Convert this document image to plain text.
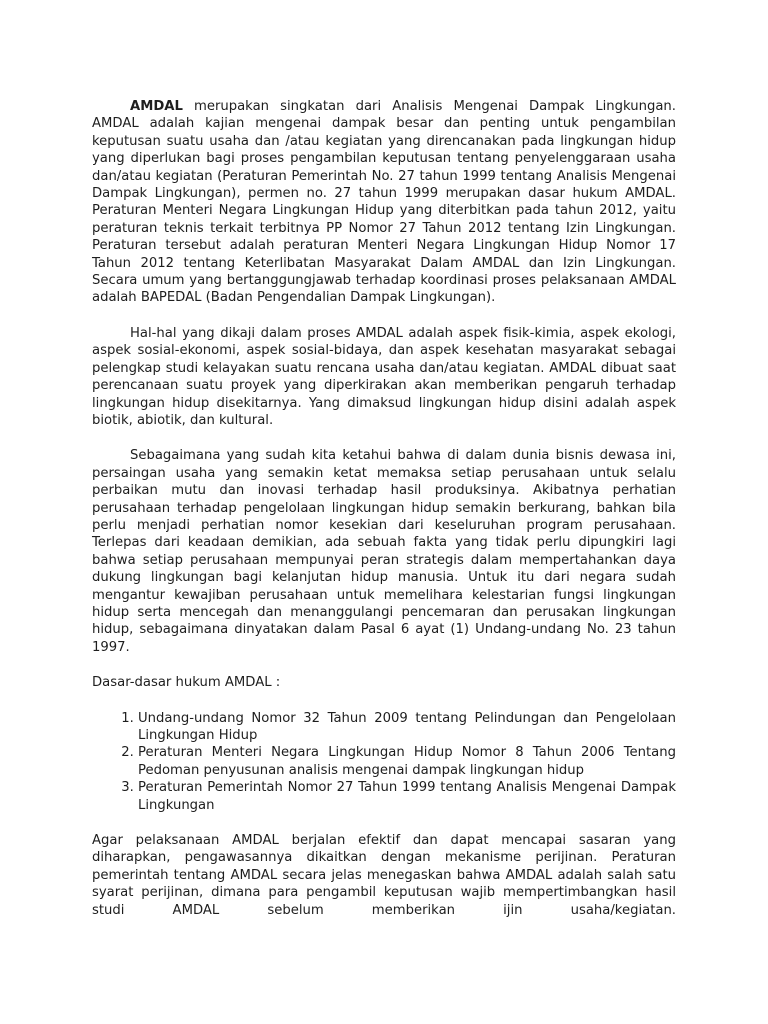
AMDAL merupakan singkatan dari Analisis Mengenai Dampak Lingkungan. AMDAL adalah kajian mengenai dampak besar dan penting untuk pengambilan keputusan suatu usaha dan /atau kegiatan yang direncanakan pada lingkungan hidup yang diperlukan bagi proses pengambilan keputusan tentang penyelenggaraan usaha dan/atau kegiatan (Peraturan Pemerintah No. 27 tahun 1999 tentang Analisis Mengenai Dampak Lingkungan), permen no. 27 tahun 1999 merupakan dasar hukum AMDAL. Peraturan Menteri Negara Lingkungan Hidup yang diterbitkan pada tahun 2012, yaitu peraturan teknis terkait terbitnya PP Nomor 27 Tahun 2012 tentang Izin Lingkungan. Peraturan tersebut adalah peraturan Menteri Negara Lingkungan Hidup Nomor 17 Tahun 2012 tentang Keterlibatan Masyarakat Dalam AMDAL dan Izin Lingkungan. Secara umum yang bertanggungjawab terhadap koordinasi proses pelaksanaan AMDAL adalah BAPEDAL (Badan Pengendalian Dampak Lingkungan).

Hal-hal yang dikaji dalam proses AMDAL adalah aspek fisik-kimia, aspek ekologi, aspek sosial-ekonomi, aspek sosial-bidaya, dan aspek kesehatan masyarakat sebagai pelengkap studi kelayakan suatu rencana usaha dan/atau kegiatan. AMDAL dibuat saat perencanaan suatu proyek yang diperkirakan akan memberikan pengaruh terhadap lingkungan hidup disekitarnya. Yang dimaksud lingkungan hidup disini adalah aspek biotik, abiotik, dan kultural.

Sebagaimana yang sudah kita ketahui bahwa di dalam dunia bisnis dewasa ini, persaingan usaha yang semakin ketat memaksa setiap perusahaan untuk selalu perbaikan mutu dan inovasi terhadap hasil produksinya. Akibatnya perhatian perusahaan terhadap pengelolaan lingkungan hidup semakin berkurang, bahkan bila perlu menjadi perhatian nomor kesekian dari keseluruhan program perusahaan. Terlepas dari keadaan demikian, ada sebuah fakta yang tidak perlu dipungkiri lagi bahwa setiap perusahaan mempunyai peran strategis dalam mempertahankan daya dukung lingkungan bagi kelanjutan hidup manusia. Untuk itu dari negara sudah mengantur kewajiban perusahaan untuk memelihara kelestarian fungsi lingkungan hidup serta mencegah dan menanggulangi pencemaran dan perusakan lingkungan hidup, sebagaimana dinyatakan dalam Pasal 6 ayat (1) Undang-undang No. 23 tahun 1997.

Dasar-dasar hukum AMDAL :

1. Undang-undang Nomor 32 Tahun 2009 tentang Pelindungan dan Pengelolaan Lingkungan Hidup
2. Peraturan Menteri Negara Lingkungan Hidup Nomor 8 Tahun 2006 Tentang Pedoman penyusunan analisis mengenai dampak lingkungan hidup
3. Peraturan Pemerintah Nomor 27 Tahun 1999 tentang Analisis Mengenai Dampak Lingkungan

Agar pelaksanaan AMDAL berjalan efektif dan dapat mencapai sasaran yang diharapkan, pengawasannya dikaitkan dengan mekanisme perijinan. Peraturan pemerintah tentang AMDAL secara jelas menegaskan bahwa AMDAL adalah salah satu syarat perijinan, dimana para pengambil keputusan wajib mempertimbangkan hasil studi AMDAL sebelum memberikan ijin usaha/kegiatan.
